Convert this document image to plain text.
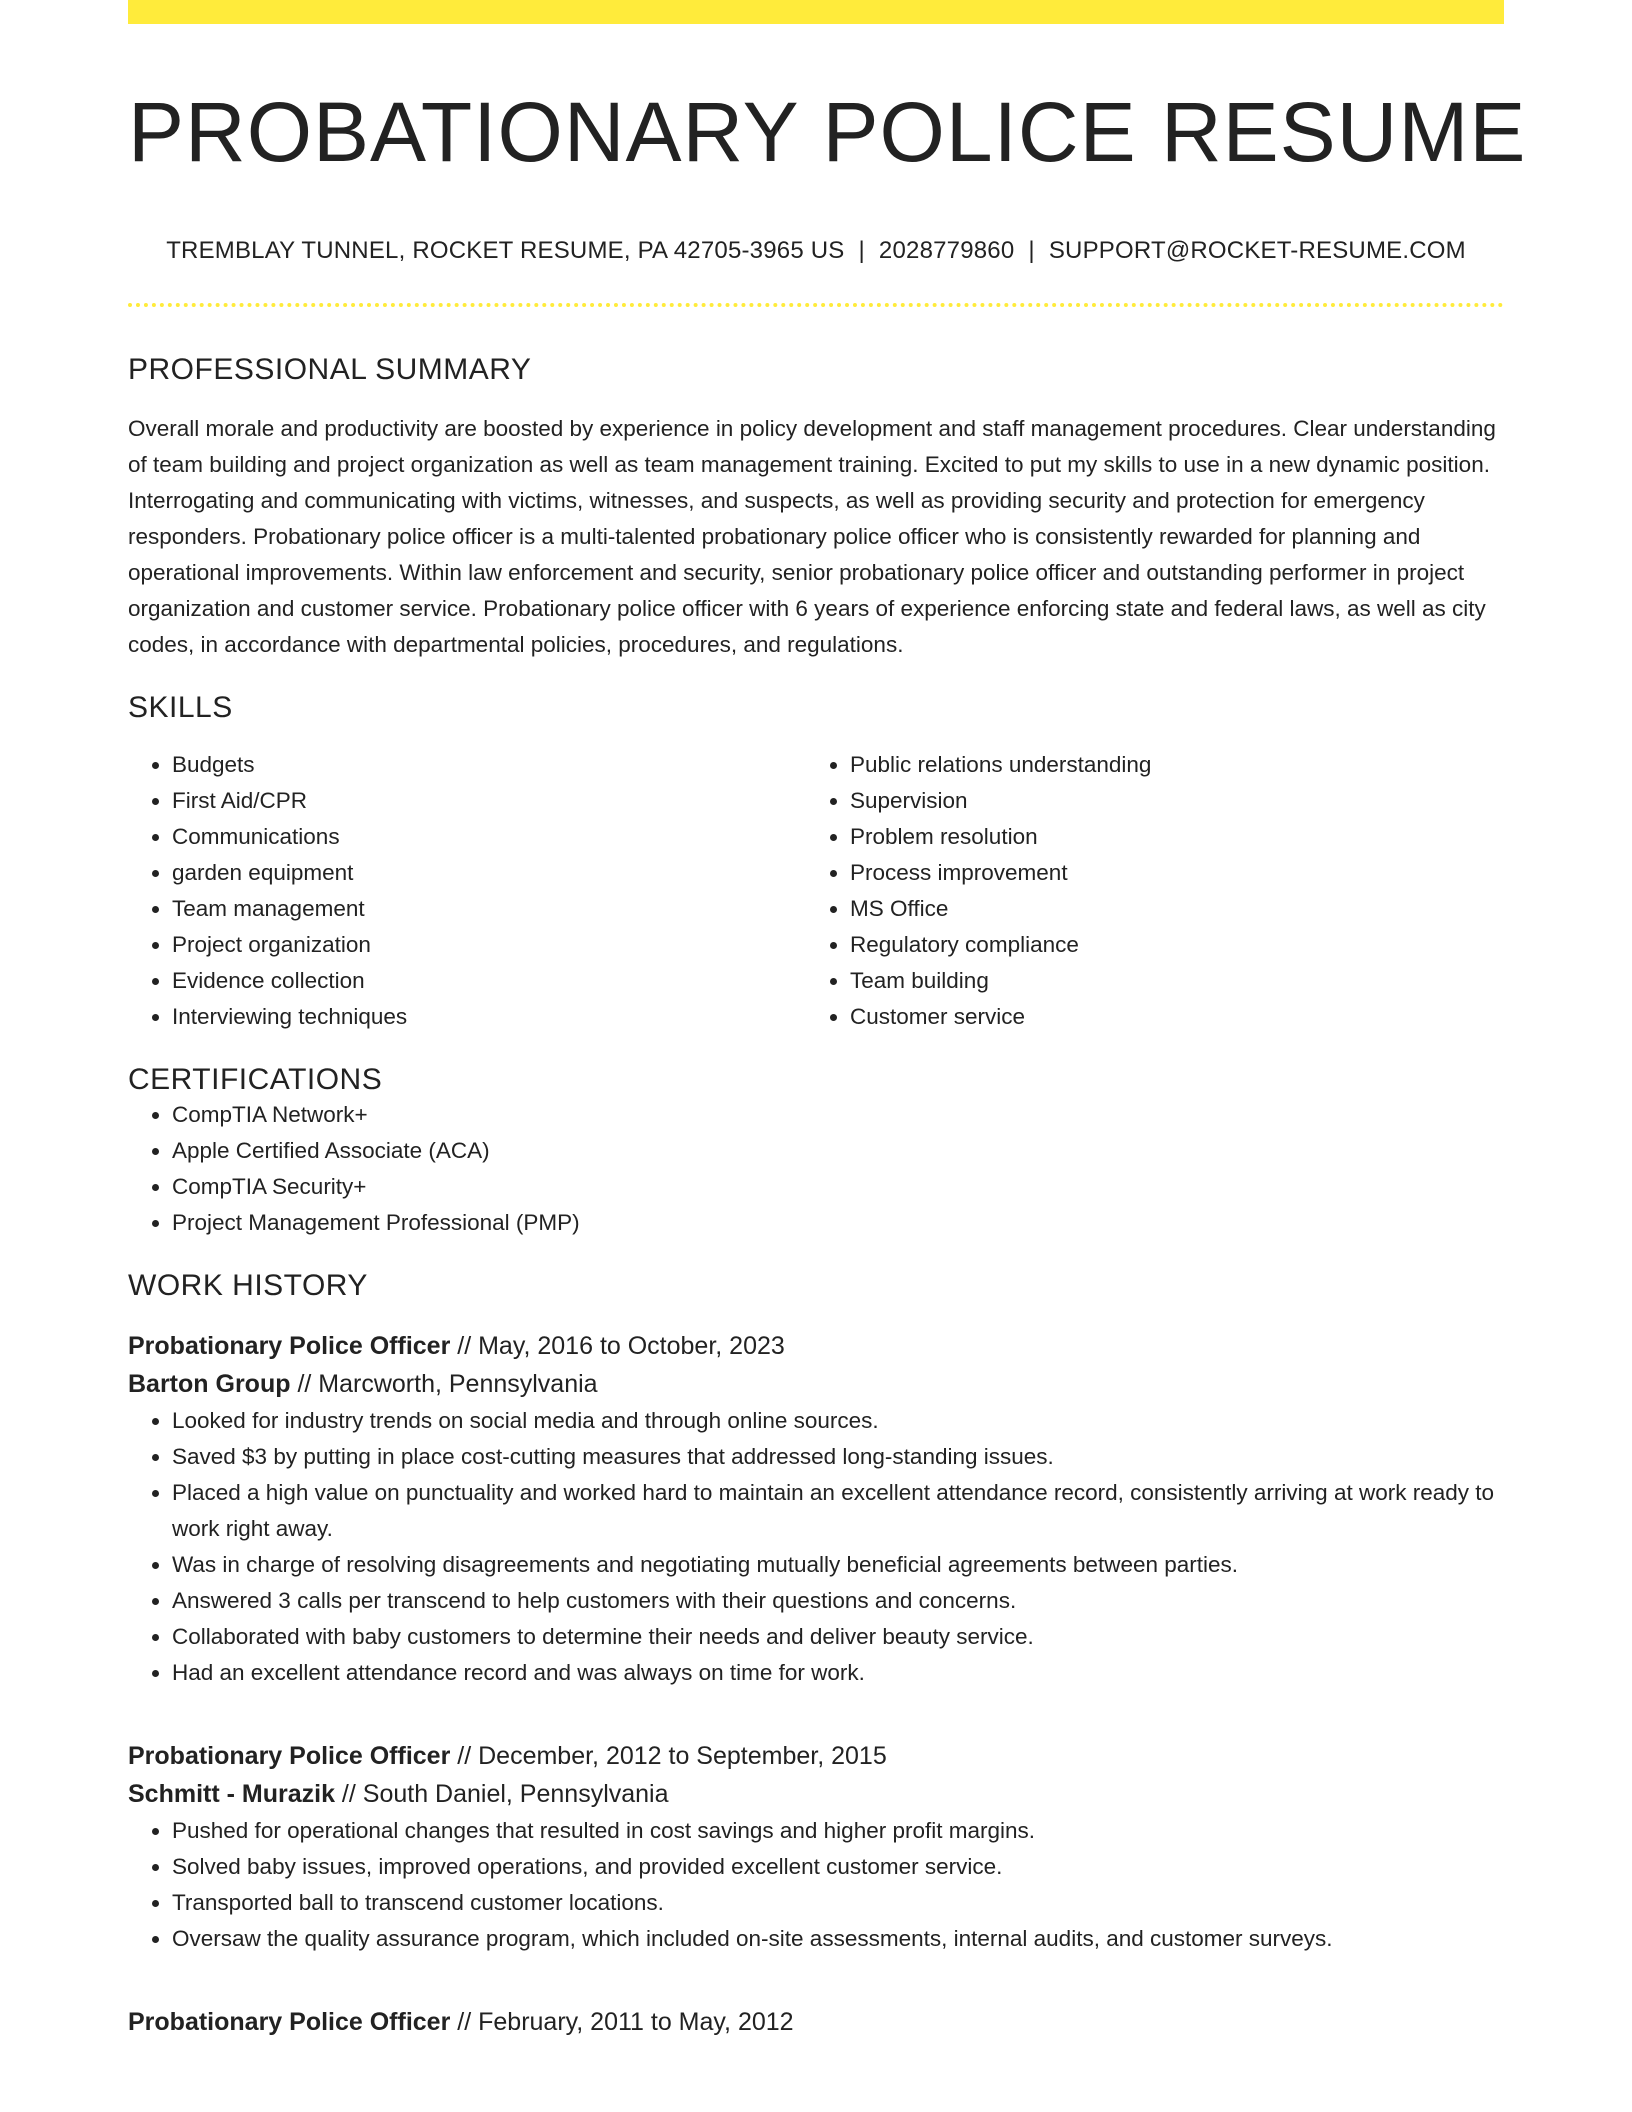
PROBATIONARY POLICE RESUME
TREMBLAY TUNNEL, ROCKET RESUME, PA 42705-3965 US | 2028779860 | SUPPORT@ROCKET-RESUME.COM
PROFESSIONAL SUMMARY
Overall morale and productivity are boosted by experience in policy development and staff management procedures. Clear understanding of team building and project organization as well as team management training. Excited to put my skills to use in a new dynamic position. Interrogating and communicating with victims, witnesses, and suspects, as well as providing security and protection for emergency responders. Probationary police officer is a multi-talented probationary police officer who is consistently rewarded for planning and operational improvements. Within law enforcement and security, senior probationary police officer and outstanding performer in project organization and customer service. Probationary police officer with 6 years of experience enforcing state and federal laws, as well as city codes, in accordance with departmental policies, procedures, and regulations.
SKILLS
• Budgets
• First Aid/CPR
• Communications
• garden equipment
• Team management
• Project organization
• Evidence collection
• Interviewing techniques
• Public relations understanding
• Supervision
• Problem resolution
• Process improvement
• MS Office
• Regulatory compliance
• Team building
• Customer service
CERTIFICATIONS
• CompTIA Network+
• Apple Certified Associate (ACA)
• CompTIA Security+
• Project Management Professional (PMP)
WORK HISTORY
Probationary Police Officer // May, 2016 to October, 2023
Barton Group // Marcworth, Pennsylvania
• Looked for industry trends on social media and through online sources.
• Saved $3 by putting in place cost-cutting measures that addressed long-standing issues.
• Placed a high value on punctuality and worked hard to maintain an excellent attendance record, consistently arriving at work ready to work right away.
• Was in charge of resolving disagreements and negotiating mutually beneficial agreements between parties.
• Answered 3 calls per transcend to help customers with their questions and concerns.
• Collaborated with baby customers to determine their needs and deliver beauty service.
• Had an excellent attendance record and was always on time for work.
Probationary Police Officer // December, 2012 to September, 2015
Schmitt - Murazik // South Daniel, Pennsylvania
• Pushed for operational changes that resulted in cost savings and higher profit margins.
• Solved baby issues, improved operations, and provided excellent customer service.
• Transported ball to transcend customer locations.
• Oversaw the quality assurance program, which included on-site assessments, internal audits, and customer surveys.
Probationary Police Officer // February, 2011 to May, 2012
